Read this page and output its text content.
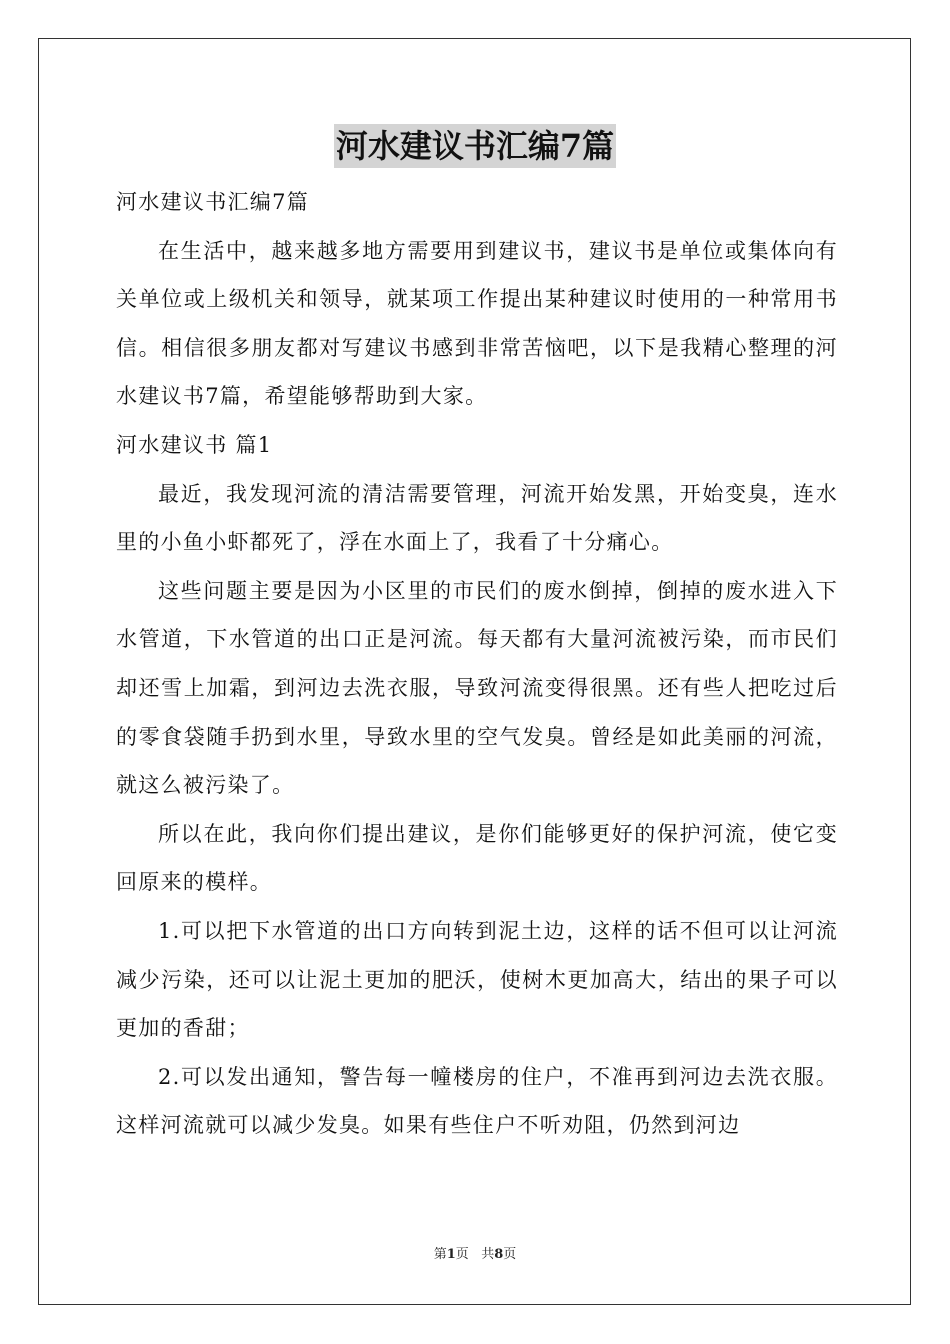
河水建议书汇编7篇

河水建议书汇编7篇

在生活中，越来越多地方需要用到建议书，建议书是单位或集体向有关单位或上级机关和领导，就某项工作提出某种建议时使用的一种常用书信。相信很多朋友都对写建议书感到非常苦恼吧，以下是我精心整理的河水建议书7篇，希望能够帮助到大家。

河水建议书 篇1

最近，我发现河流的清洁需要管理，河流开始发黑，开始变臭，连水里的小鱼小虾都死了，浮在水面上了，我看了十分痛心。

这些问题主要是因为小区里的市民们的废水倒掉，倒掉的废水进入下水管道，下水管道的出口正是河流。每天都有大量河流被污染，而市民们却还雪上加霜，到河边去洗衣服，导致河流变得很黑。还有些人把吃过后的零食袋随手扔到水里，导致水里的空气发臭。曾经是如此美丽的河流，就这么被污染了。

所以在此，我向你们提出建议，是你们能够更好的保护河流，使它变回原来的模样。

1.可以把下水管道的出口方向转到泥土边，这样的话不但可以让河流减少污染，还可以让泥土更加的肥沃，使树木更加高大，结出的果子可以更加的香甜；

2.可以发出通知，警告每一幢楼房的住户，不准再到河边去洗衣服。这样河流就可以减少发臭。如果有些住户不听劝阻，仍然到河边

第1页 共8页
